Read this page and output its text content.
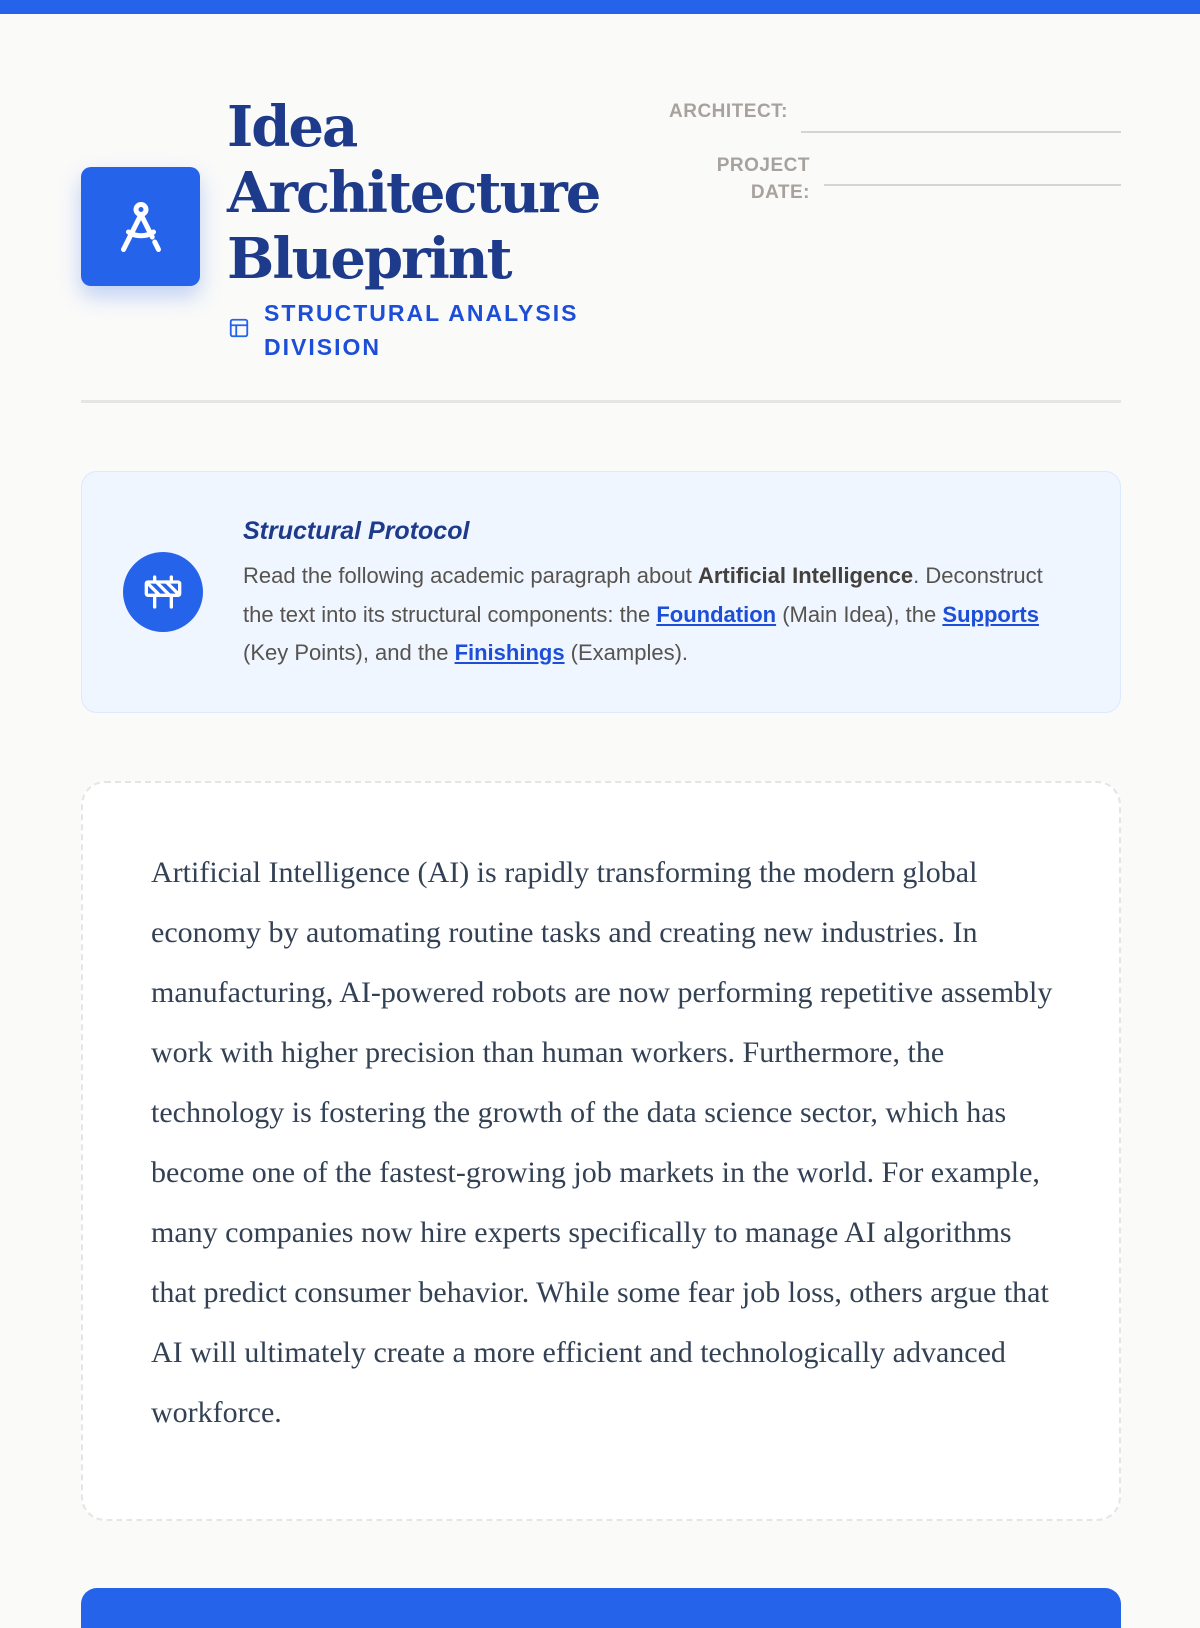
Idea Architecture Blueprint
STRUCTURAL ANALYSIS DIVISION
ARCHITECT:
PROJECT DATE:
Structural Protocol
Read the following academic paragraph about Artificial Intelligence. Deconstruct the text into its structural components: the Foundation (Main Idea), the Supports (Key Points), and the Finishings (Examples).

Artificial Intelligence (AI) is rapidly transforming the modern global economy by automating routine tasks and creating new industries. In manufacturing, AI-powered robots are now performing repetitive assembly work with higher precision than human workers. Furthermore, the technology is fostering the growth of the data science sector, which has become one of the fastest-growing job markets in the world. For example, many companies now hire experts specifically to manage AI algorithms that predict consumer behavior. While some fear job loss, others argue that AI will ultimately create a more efficient and technologically advanced workforce.
